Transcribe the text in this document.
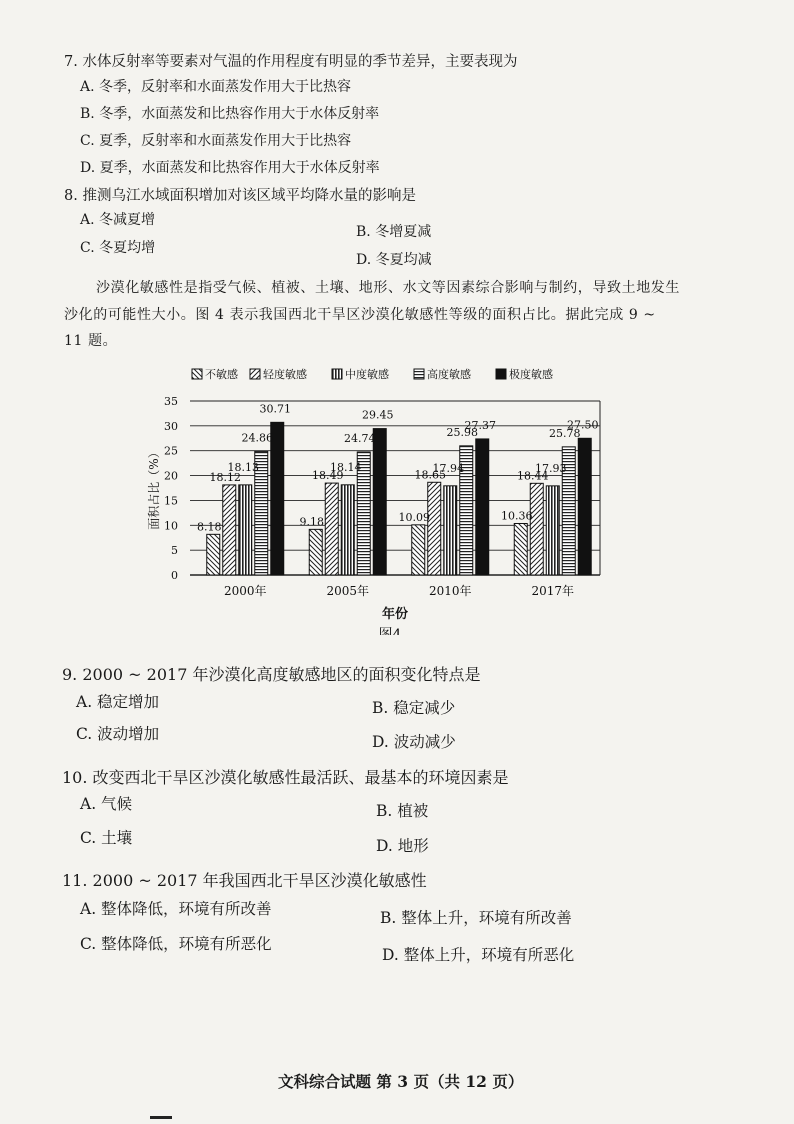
7. 水体反射率等要素对气温的作用程度有明显的季节差异，主要表现为
A. 冬季，反射率和水面蒸发作用大于比热容
B. 冬季，水面蒸发和比热容作用大于水体反射率
C. 夏季，反射率和水面蒸发作用大于比热容
D. 夏季，水面蒸发和比热容作用大于水体反射率
8. 推测乌江水域面积增加对该区域平均降水量的影响是
A. 冬减夏增
B. 冬增夏减
C. 冬夏均增
D. 冬夏均减
沙漠化敏感性是指受气候、植被、土壤、地形、水文等因素综合影响与制约，导致土地发生
沙化的可能性大小。图 4 表示我国西北干旱区沙漠化敏感性等级的面积占比。据此完成 9 ~
11 题。
不敏感 轻度敏感	中度敏感	高度敏感	极度敏感
8.18
18.12
18.13
24.86
30.71
9.18
18.49
18.14
24.74
29.45
10.09
18.65
17.94
25.98
27.37
10.36
18.44
17.93
25.78
27.50
0
5
10
15
20
25
30
35
面积占比（%）
2000年	2005年	2010年	2017年
年份
图4
9. 2000 ~ 2017 年沙漠化高度敏感地区的面积变化特点是
A. 稳定增加	B. 稳定减少
C. 波动增加	D. 波动减少
10. 改变西北干旱区沙漠化敏感性最活跃、最基本的环境因素是
A. 气候	B. 植被
C. 土壤	D. 地形
11. 2000 ~ 2017 年我国西北干旱区沙漠化敏感性
A. 整体降低，环境有所改善	B. 整体上升，环境有所改善
C. 整体降低，环境有所恶化
D. 整体上升，环境有所恶化
文科综合试题 第 3 页（共 12 页）
